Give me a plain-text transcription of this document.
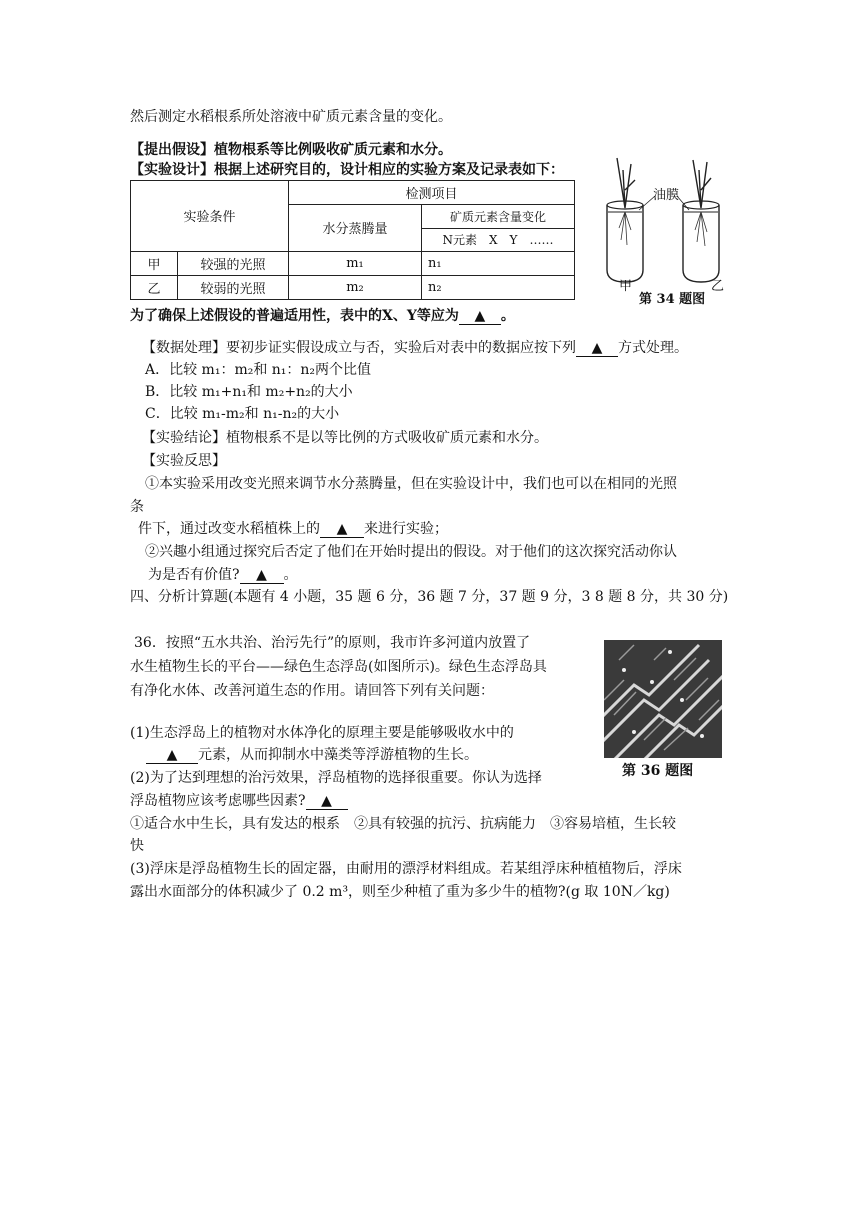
然后测定水稻根系所处溶液中矿质元素含量的变化。
【提出假设】植物根系等比例吸收矿质元素和水分。
【实验设计】根据上述研究目的，设计相应的实验方案及记录表如下：
实验条件		检测项目	
		水分蒸腾量	矿质元素含量变化
			N元素　X　Y　……
甲	较强的光照	m₁	n₁
乙	较弱的光照	m₂	n₂
油膜
甲	乙
第 34 题图
为了确保上述假设的普遍适用性，表中的X、Y等应为 ▲ 。
【数据处理】要初步证实假设成立与否，实验后对表中的数据应按下列 ▲ 方式处理。
A．比较 m₁：m₂和 n₁：n₂两个比值
B．比较 m₁+n₁和 m₂+n₂的大小
C．比较 m₁-m₂和 n₁-n₂的大小
【实验结论】植物根系不是以等比例的方式吸收矿质元素和水分。
【实验反思】
①本实验采用改变光照来调节水分蒸腾量，但在实验设计中，我们也可以在相同的光照
条
件下，通过改变水稻植株上的 ▲ 来进行实验；
②兴趣小组通过探究后否定了他们在开始时提出的假设。对于他们的这次探究活动你认
为是否有价值? ▲ 。
四、分析计算题(本题有 4 小题，35 题 6 分，36 题 7 分，37 题 9 分，3 8 题 8 分，共 30 分)
36．按照“五水共治、治污先行”的原则，我市许多河道内放置了
水生植物生长的平台——绿色生态浮岛(如图所示)。绿色生态浮岛具
有净化水体、改善河道生态的作用。请回答下列有关问题：
第 36 题图
(1)生态浮岛上的植物对水体净化的原理主要是能够吸收水中的
▲ 元素，从而抑制水中藻类等浮游植物的生长。
(2)为了达到理想的治污效果，浮岛植物的选择很重要。你认为选择
浮岛植物应该考虑哪些因素? ▲
①适合水中生长，具有发达的根系　②具有较强的抗污、抗病能力　③容易培植，生长较
快
(3)浮床是浮岛植物生长的固定器，由耐用的漂浮材料组成。若某组浮床种植植物后，浮床
露出水面部分的体积减少了 0.2 m³，则至少种植了重为多少牛的植物?(g 取 10N／kg)
